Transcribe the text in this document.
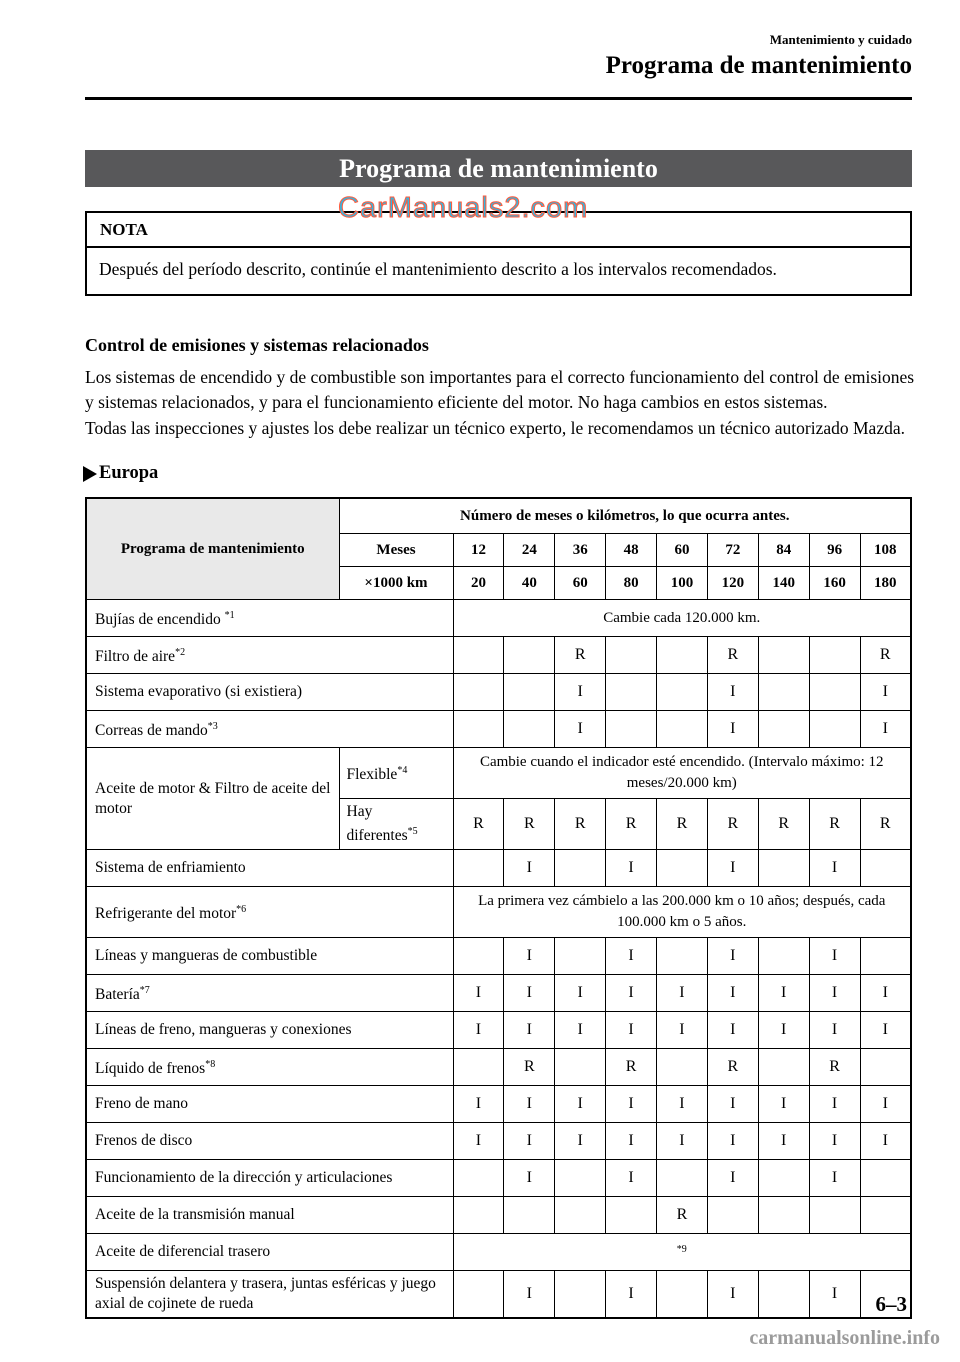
Mantenimiento y cuidado
Programa de mantenimiento
Programa de mantenimiento
CarManuals2.com
NOTA
Después del período descrito, continúe el mantenimiento descrito a los intervalos recomendados.
Control de emisiones y sistemas relacionados

Los sistemas de encendido y de combustible son importantes para el correcto funcionamiento del control de emisiones y sistemas relacionados, y para el funcionamiento eficiente del motor. No haga cambios en estos sistemas.

Todas las inspecciones y ajustes los debe realizar un técnico experto, le recomendamos un técnico autorizado Mazda.

Europa
Programa de mantenimiento	Número de meses o kilómetros, lo que ocurra antes.									
	Meses	12	24	36	48	60	72	84	96	108
	×1000 km	20	40	60	80	100	120	140	160	180
Bujías de encendido $^{*1}$		Cambie cada 120.000 km.								
Filtro de aire$^{*2}$				R			R			R
Sistema evaporativo (si existiera)				I			I			I
Correas de mando$^{*3}$				I			I			I
Aceite de motor & Filtro de aceite del motor	Flexible$^{*4}$	Cambie cuando el indicador esté encendido. (Intervalo máximo: 12 meses/20.000 km)								
	Hay diferentes$^{*5}$	R	R	R	R	R	R	R	R	R
Sistema de enfriamiento			I		I		I		I	
Refrigerante del motor$^{*6}$		La primera vez cámbielo a las 200.000 km o 10 años; después, cada 100.000 km o 5 años.								
Líneas y mangueras de combustible			I		I		I		I	
Batería$^{*7}$		I	I	I	I	I	I	I	I	I
Líneas de freno, mangueras y conexiones		I	I	I	I	I	I	I	I	I
Líquido de frenos$^{*8}$			R		R		R		R	
Freno de mano		I	I	I	I	I	I	I	I	I
Frenos de disco		I	I	I	I	I	I	I	I	I
Funcionamiento de la dirección y articulaciones			I		I		I		I	
Aceite de la transmisión manual						R				
Aceite de diferencial trasero		$^{*9}$
Suspensión delantera y trasera, juntas esféricas y juego axial de cojinete de rueda			I		I		I		I		6–3
carmanualsonline.info
